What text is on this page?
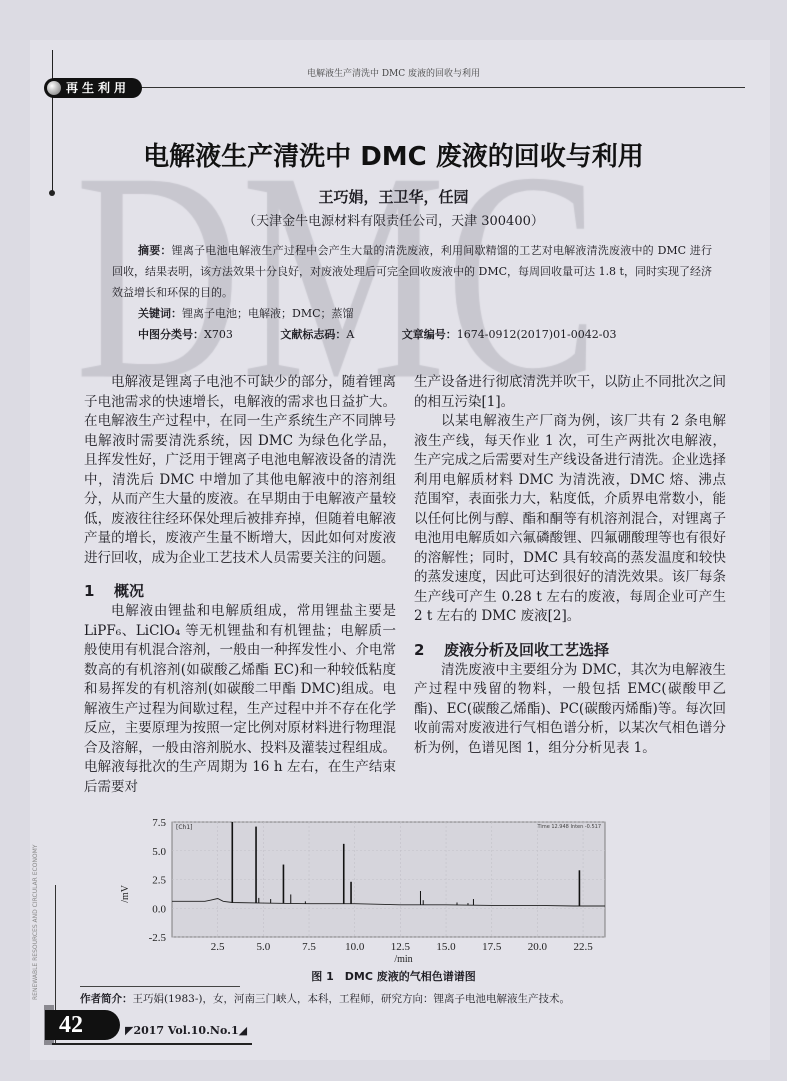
电解液生产清洗中 DMC 废液的回收与利用
再生利用
电解液生产清洗中 DMC 废液的回收与利用
王巧娟，王卫华，任园
（天津金牛电源材料有限责任公司，天津 300400）
摘要：锂离子电池电解液生产过程中会产生大量的清洗废液，利用间歇精馏的工艺对电解液清洗废液中的 DMC 进行回收，结果表明，该方法效果十分良好，对废液处理后可完全回收废液中的 DMC，每周回收量可达 1.8 t，同时实现了经济效益增长和环保的目的。
关键词：锂离子电池；电解液；DMC；蒸馏
中图分类号：X703	文献标志码：A	文章编号：1674-0912(2017)01-0042-03

电解液是锂离子电池不可缺少的部分，随着锂离子电池需求的快速增长，电解液的需求也日益扩大。在电解液生产过程中，在同一生产系统生产不同牌号电解液时需要清洗系统，因 DMC 为绿色化学品，且挥发性好，广泛用于锂离子电池电解液设备的清洗中，清洗后 DMC 中增加了其他电解液中的溶剂组分，从而产生大量的废液。在早期由于电解液产量较低，废液往往经环保处理后被排弃掉，但随着电解液产量的增长，废液产生量不断增大，因此如何对废液进行回收，成为企业工艺技术人员需要关注的问题。

1 概况

电解液由锂盐和电解质组成，常用锂盐主要是 LiPF₆、LiClO₄ 等无机锂盐和有机锂盐；电解质一般使用有机混合溶剂，一般由一种挥发性小、介电常数高的有机溶剂(如碳酸乙烯酯 EC)和一种较低粘度和易挥发的有机溶剂(如碳酸二甲酯 DMC)组成。电解液生产过程为间歇过程，生产过程中并不存在化学反应，主要原理为按照一定比例对原材料进行物理混合及溶解，一般由溶剂脱水、投料及灌装过程组成。电解液每批次的生产周期为 16 h 左右，在生产结束后需要对

生产设备进行彻底清洗并吹干，以防止不同批次之间的相互污染[1]。

以某电解液生产厂商为例，该厂共有 2 条电解液生产线，每天作业 1 次，可生产两批次电解液，生产完成之后需要对生产线设备进行清洗。企业选择利用电解质材料 DMC 为清洗液，DMC 熔、沸点范围窄，表面张力大，粘度低，介质界电常数小，能以任何比例与醇、酯和酮等有机溶剂混合，对锂离子电池用电解质如六氟磷酸锂、四氟硼酸理等也有很好的溶解性；同时，DMC 具有较高的蒸发温度和较快的蒸发速度，因此可达到很好的清洗效果。该厂每条生产线可产生 0.28 t 左右的废液，每周企业可产生 2 t 左右的 DMC 废液[2]。

2 废液分析及回收工艺选择

清洗废液中主要组分为 DMC，其次为电解液生产过程中残留的物料，一般包括 EMC(碳酸甲乙酯)、EC(碳酸乙烯酯)、PC(碳酸丙烯酯)等。每次回收前需对废液进行气相色谱分析，以某次气相色谱分析为例，色谱见图 1，组分分析见表 1。

7.5
5.0
2.5
0.0
-2.5
2.5	5.0	7.5	10.0 12.5 15.0 17.5 20.0 22.5
/min
/mV
[Ch1]	Time 12.948 Inten -0.517
图 1　DMC 废液的气相色谱谱图
作者简介：王巧娟(1983-)，女，河南三门峡人，本科，工程师，研究方向：锂离子电池电解液生产技术。
RENEWABLE RESOURCES AND CIRCULAR ECONOMY
42	◤2017 Vol.10.No.1◢
